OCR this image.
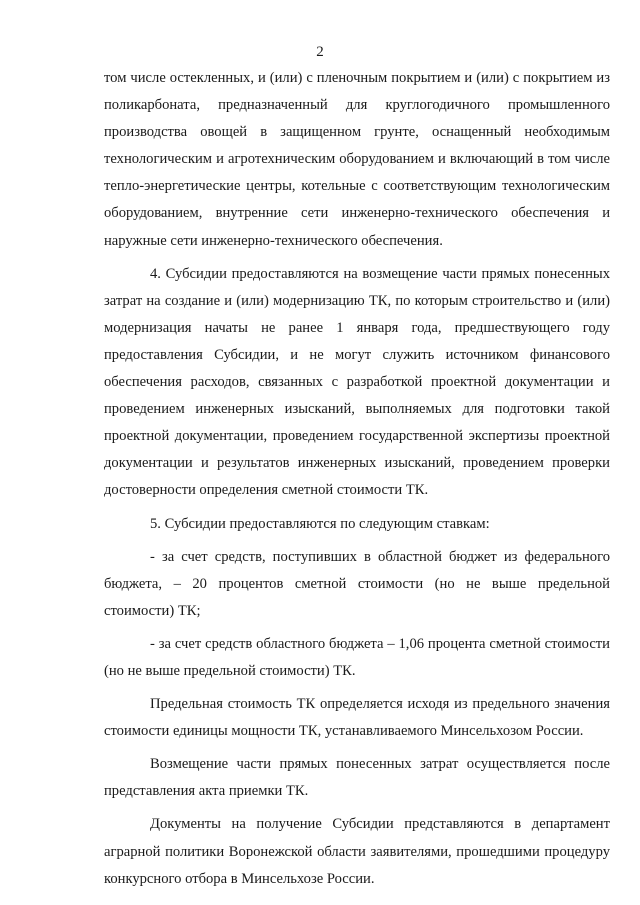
2

том числе остекленных, и (или) с пленочным покрытием и (или) с покрытием из поликарбоната, предназначенный для круглогодичного промышленного производства овощей в защищенном грунте, оснащенный необходимым технологическим и агротехническим оборудованием и включающий в том числе тепло-энергетические центры, котельные с соответствующим технологическим оборудованием, внутренние сети инженерно-технического обеспечения и наружные сети инженерно-технического обеспечения.

4. Субсидии предоставляются на возмещение части прямых понесенных затрат на создание и (или) модернизацию ТК, по которым строительство и (или) модернизация начаты не ранее 1 января года, предшествующего году предоставления Субсидии, и не могут служить источником финансового обеспечения расходов, связанных с разработкой проектной документации и проведением инженерных изысканий, выполняемых для подготовки такой проектной документации, проведением государственной экспертизы проектной документации и результатов инженерных изысканий, проведением проверки достоверности определения сметной стоимости ТК.

5. Субсидии предоставляются по следующим ставкам:

- за счет средств, поступивших в областной бюджет из федерального бюджета, – 20 процентов сметной стоимости (но не выше предельной стоимости) ТК;

- за счет средств областного бюджета – 1,06 процента сметной стоимости (но не выше предельной стоимости) ТК.

Предельная стоимость ТК определяется исходя из предельного значения стоимости единицы мощности ТК, устанавливаемого Минсельхозом России.

Возмещение части прямых понесенных затрат осуществляется после представления акта приемки ТК.

Документы на получение Субсидии представляются в департамент аграрной политики Воронежской области заявителями, прошедшими процедуру конкурсного отбора в Минсельхозе России.
